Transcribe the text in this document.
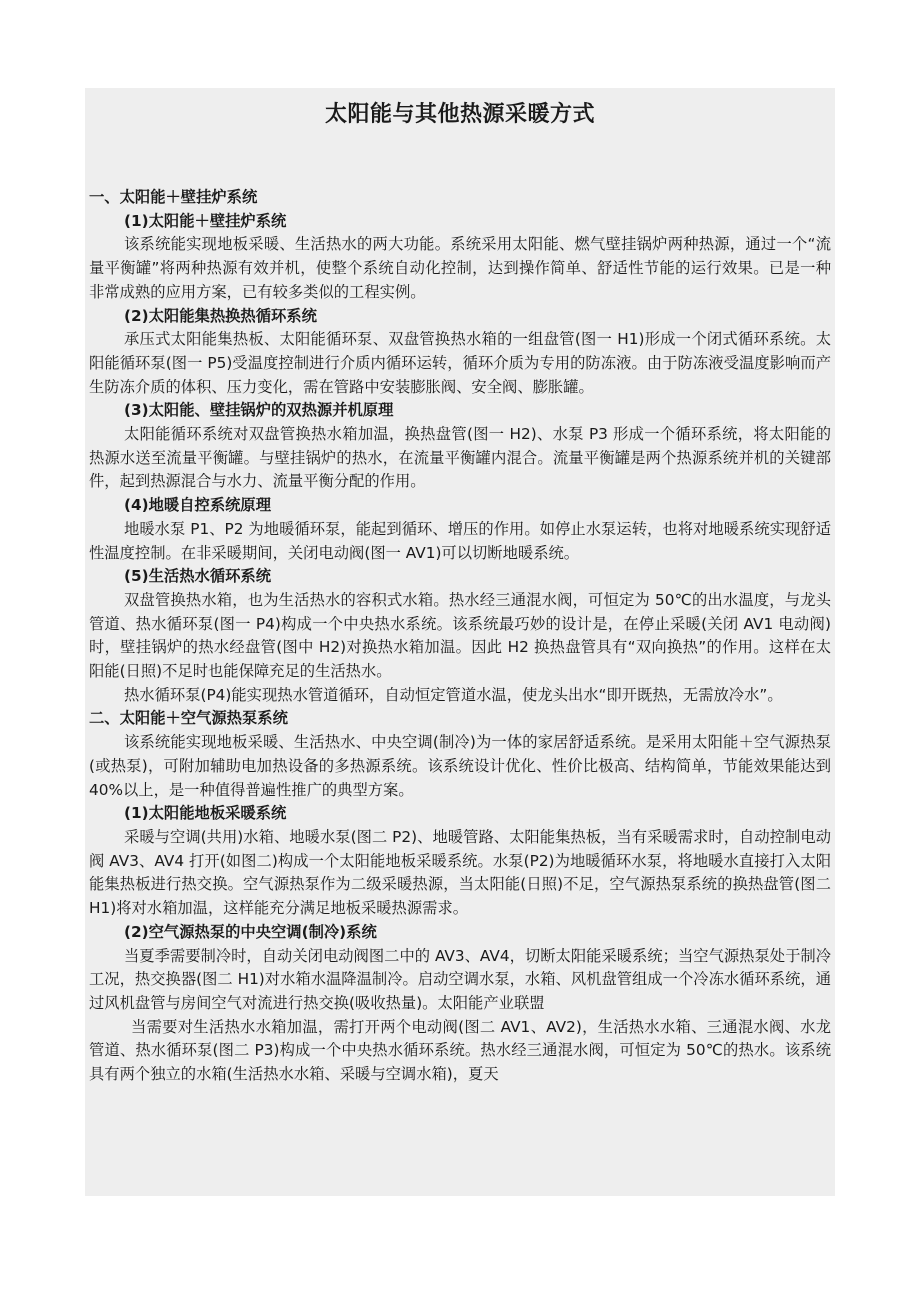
太阳能与其他热源采暖方式

一、太阳能＋壁挂炉系统

(1)太阳能＋壁挂炉系统

该系统能实现地板采暖、生活热水的两大功能。系统采用太阳能、燃气壁挂锅炉两种热源，通过一个“流量平衡罐”将两种热源有效并机，使整个系统自动化控制，达到操作简单、舒适性节能的运行效果。已是一种非常成熟的应用方案，已有较多类似的工程实例。

(2)太阳能集热换热循环系统

承压式太阳能集热板、太阳能循环泵、双盘管换热水箱的一组盘管(图一 H1)形成一个闭式循环系统。太阳能循环泵(图一 P5)受温度控制进行介质内循环运转，循环介质为专用的防冻液。由于防冻液受温度影响而产生防冻介质的体积、压力变化，需在管路中安装膨胀阀、安全阀、膨胀罐。

(3)太阳能、壁挂锅炉的双热源并机原理

太阳能循环系统对双盘管换热水箱加温，换热盘管(图一 H2)、水泵 P3 形成一个循环系统，将太阳能的热源水送至流量平衡罐。与壁挂锅炉的热水，在流量平衡罐内混合。流量平衡罐是两个热源系统并机的关键部件，起到热源混合与水力、流量平衡分配的作用。

(4)地暖自控系统原理

地暖水泵 P1、P2 为地暖循环泵，能起到循环、增压的作用。如停止水泵运转，也将对地暖系统实现舒适性温度控制。在非采暖期间，关闭电动阀(图一 AV1)可以切断地暖系统。

(5)生活热水循环系统

双盘管换热水箱，也为生活热水的容积式水箱。热水经三通混水阀，可恒定为 50℃的出水温度，与龙头管道、热水循环泵(图一 P4)构成一个中央热水系统。该系统最巧妙的设计是，在停止采暖(关闭 AV1 电动阀)时，壁挂锅炉的热水经盘管(图中 H2)对换热水箱加温。因此 H2 换热盘管具有“双向换热”的作用。这样在太阳能(日照)不足时也能保障充足的生活热水。

热水循环泵(P4)能实现热水管道循环，自动恒定管道水温，使龙头出水“即开既热，无需放冷水”。

二、太阳能＋空气源热泵系统

该系统能实现地板采暖、生活热水、中央空调(制冷)为一体的家居舒适系统。是采用太阳能＋空气源热泵(或热泵)，可附加辅助电加热设备的多热源系统。该系统设计优化、性价比极高、结构简单，节能效果能达到 40%以上，是一种值得普遍性推广的典型方案。

(1)太阳能地板采暖系统

采暖与空调(共用)水箱、地暖水泵(图二 P2)、地暖管路、太阳能集热板，当有采暖需求时，自动控制电动阀 AV3、AV4 打开(如图二)构成一个太阳能地板采暖系统。水泵(P2)为地暖循环水泵，将地暖水直接打入太阳能集热板进行热交换。空气源热泵作为二级采暖热源，当太阳能(日照)不足，空气源热泵系统的换热盘管(图二 H1)将对水箱加温，这样能充分满足地板采暖热源需求。

(2)空气源热泵的中央空调(制冷)系统

当夏季需要制冷时，自动关闭电动阀图二中的 AV3、AV4，切断太阳能采暖系统；当空气源热泵处于制冷工况，热交换器(图二 H1)对水箱水温降温制冷。启动空调水泵，水箱、风机盘管组成一个冷冻水循环系统，通过风机盘管与房间空气对流进行热交换(吸收热量)。太阳能产业联盟

当需要对生活热水水箱加温，需打开两个电动阀(图二 AV1、AV2)，生活热水水箱、三通混水阀、水龙管道、热水循环泵(图二 P3)构成一个中央热水循环系统。热水经三通混水阀，可恒定为 50℃的热水。该系统具有两个独立的水箱(生活热水水箱、采暖与空调水箱)，夏天
